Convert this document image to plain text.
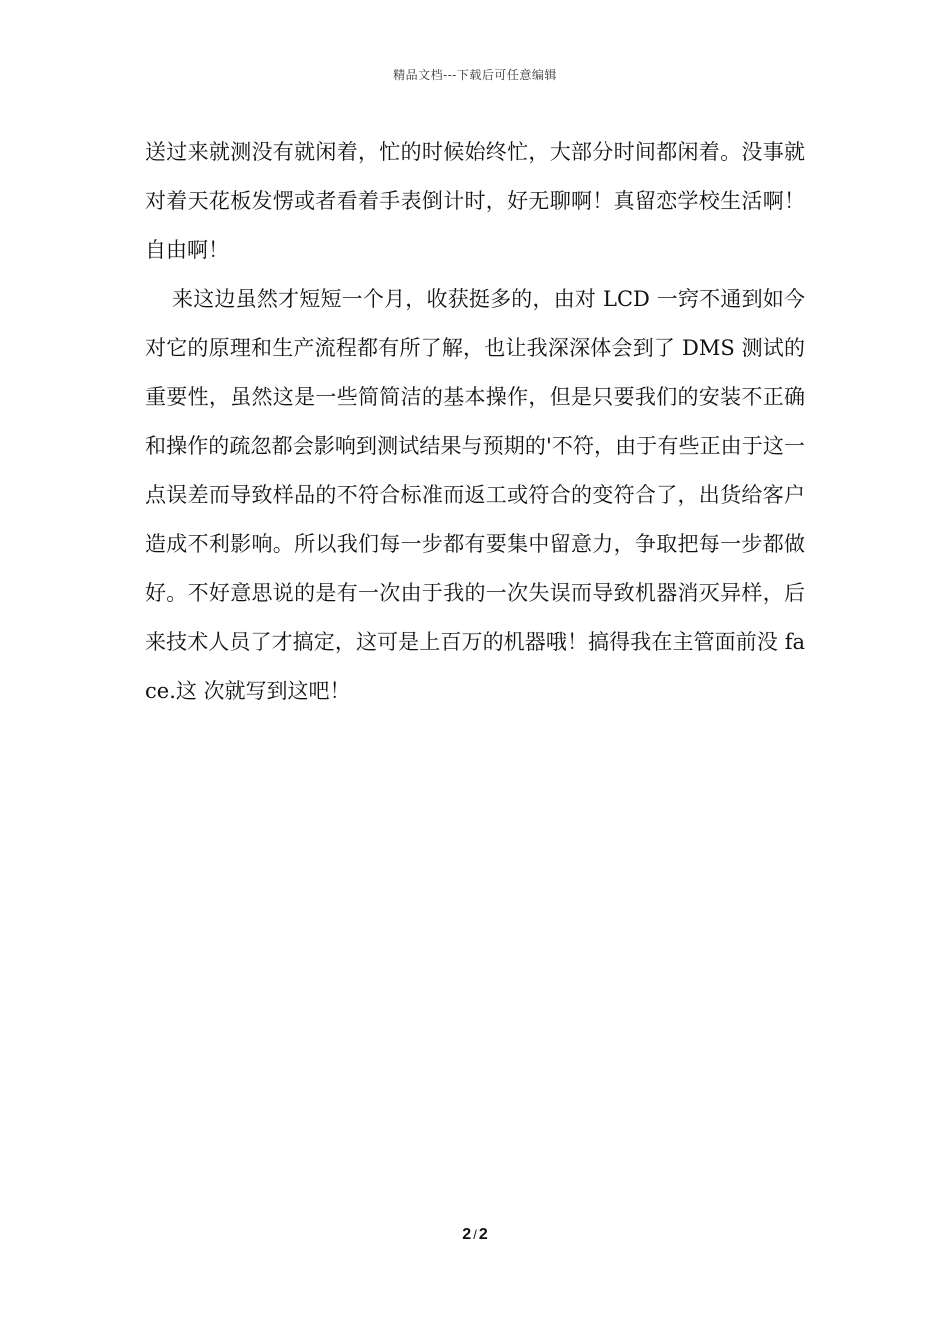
精品文档---下载后可任意编辑

送过来就测没有就闲着，忙的时候始终忙，大部分时间都闲着。没事就对着天花板发愣或者看着手表倒计时，好无聊啊！真留恋学校生活啊！自由啊！

来这边虽然才短短一个月，收获挺多的，由对 LCD 一窍不通到如今对它的原理和生产流程都有所了解，也让我深深体会到了 DMS 测试的重要性，虽然这是一些简简洁的基本操作，但是只要我们的安装不正确和操作的疏忽都会影响到测试结果与预期的'不符，由于有些正由于这一点误差而导致样品的不符合标准而返工或符合的变符合了，出货给客户造成不利影响。所以我们每一步都有要集中留意力，争取把每一步都做好。不好意思说的是有一次由于我的一次失误而导致机器消灭异样，后来技术人员了才搞定，这可是上百万的机器哦！搞得我在主管面前没 face.这 次就写到这吧！

2 / 2
